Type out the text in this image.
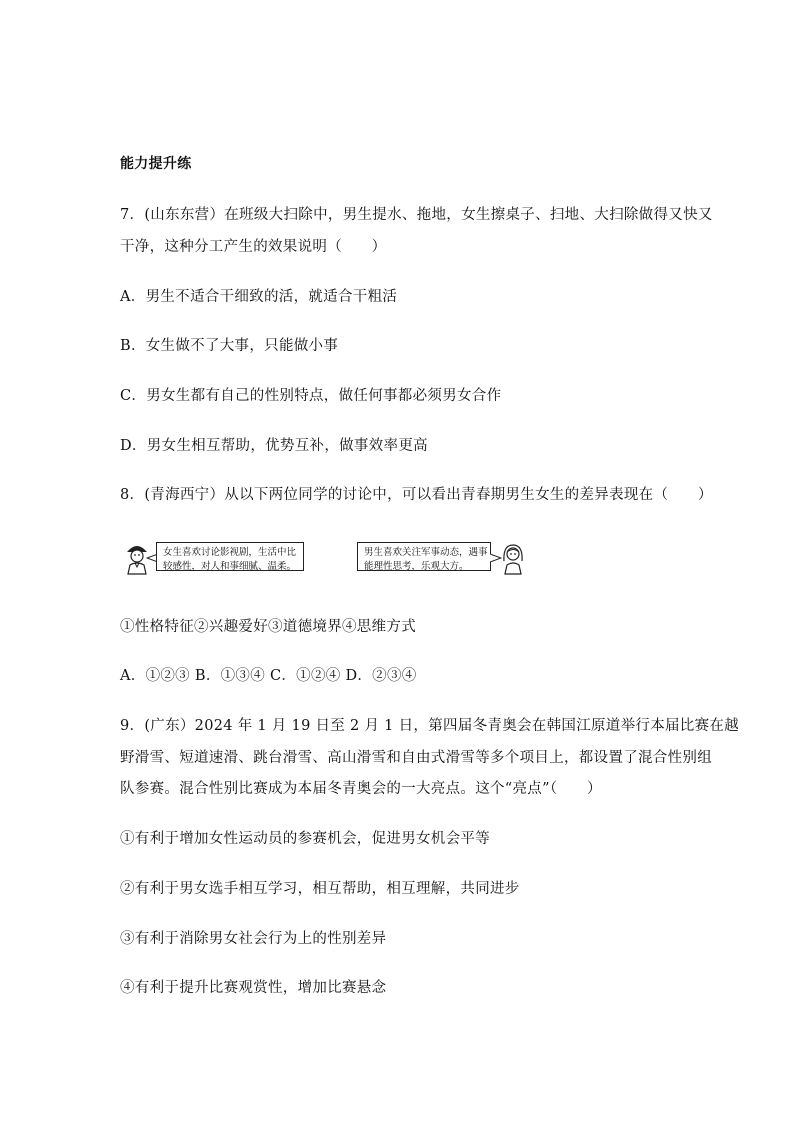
能力提升练
7．(山东东营）在班级大扫除中，男生提水、拖地，女生擦桌子、扫地、大扫除做得又快又
干净，这种分工产生的效果说明（　　）
A．男生不适合干细致的活，就适合干粗活
B．女生做不了大事，只能做小事
C．男女生都有自己的性别特点，做任何事都必须男女合作
D．男女生相互帮助，优势互补，做事效率更高
8．(青海西宁）从以下两位同学的讨论中，可以看出青春期男生女生的差异表现在（　　）
女生喜欢讨论影视剧，生活中比
较感性，对人和事细腻、温柔。
男生喜欢关注军事动态，遇事
能理性思考，乐观大方。
①性格特征②兴趣爱好③道德境界④思维方式
A．①②③ B．①③④ C．①②④ D．②③④
9．(广东）2024 年 1 月 19 日至 2 月 1 日，第四届冬青奥会在韩国江原道举行本届比赛在越
野滑雪、短道速滑、跳台滑雪、高山滑雪和自由式滑雪等多个项目上，都设置了混合性别组
队参赛。混合性别比赛成为本届冬青奥会的一大亮点。这个“亮点”（　　）
①有利于增加女性运动员的参赛机会，促进男女机会平等
②有利于男女选手相互学习，相互帮助，相互理解，共同进步
③有利于消除男女社会行为上的性别差异
④有利于提升比赛观赏性，增加比赛悬念
